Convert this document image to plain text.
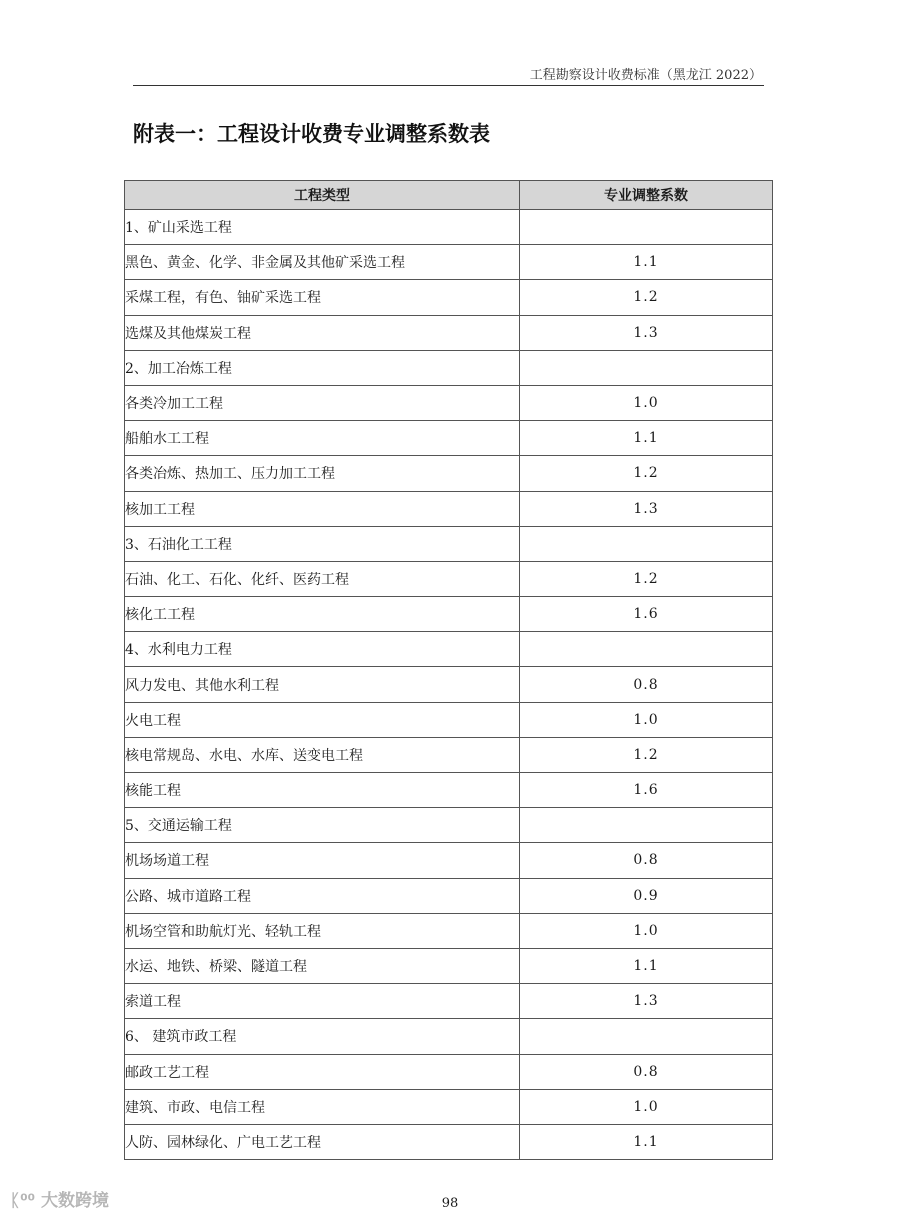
工程勘察设计收费标准（黑龙江 2022）
附表一：工程设计收费专业调整系数表
工程类型	专业调整系数
1、矿山采选工程	
黑色、黄金、化学、非金属及其他矿采选工程	1.1
采煤工程，有色、铀矿采选工程	1.2
选煤及其他煤炭工程	1.3
2、加工冶炼工程	
各类冷加工工程	1.0
船舶水工工程	1.1
各类冶炼、热加工、压力加工工程	1.2
核加工工程	1.3
3、石油化工工程	
石油、化工、石化、化纤、医药工程	1.2
核化工工程	1.6
4、水利电力工程	
风力发电、其他水利工程	0.8
火电工程	1.0
核电常规岛、水电、水库、送变电工程	1.2
核能工程	1.6
5、交通运输工程	
机场场道工程	0.8
公路、城市道路工程	0.9
机场空管和助航灯光、轻轨工程	1.0
水运、地铁、桥梁、隧道工程	1.1
索道工程	1.3
6、 建筑市政工程	
邮政工艺工程	0.8
建筑、市政、电信工程	1.0
人防、园林绿化、广电工艺工程	1.1
98
ᛕ⁰⁰ 大数跨境
